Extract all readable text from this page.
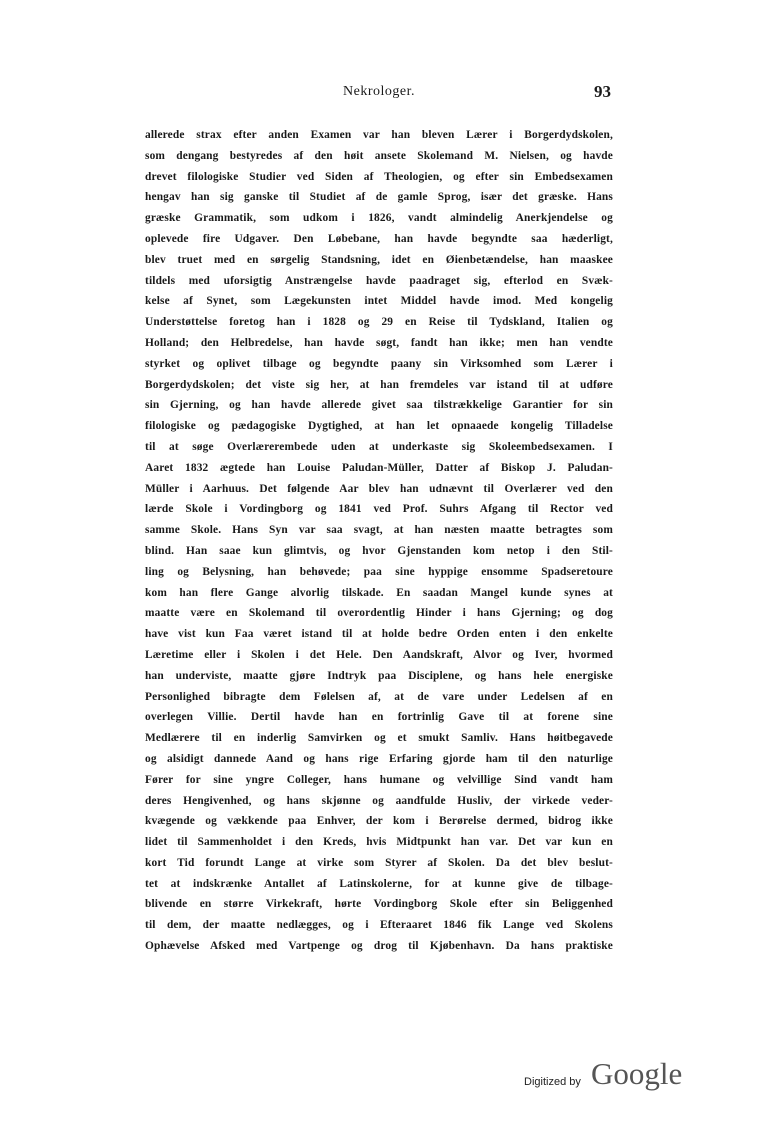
Nekrologer.	93
allerede strax efter anden Examen var han bleven Lærer i Borgerdydskolen,
som dengang bestyredes af den høit ansete Skolemand M. Nielsen, og havde
drevet filologiske Studier ved Siden af Theologien, og efter sin Embedsexamen
hengav han sig ganske til Studiet af de gamle Sprog, især det græske. Hans
græske Grammatik, som udkom i 1826, vandt almindelig Anerkjendelse og
oplevede fire Udgaver. Den Løbebane, han havde begyndte saa hæderligt,
blev truet med en sørgelig Standsning, idet en Øienbetændelse, han maaskee
tildels med uforsigtig Anstrængelse havde paadraget sig, efterlod en Svæk-
kelse af Synet, som Lægekunsten intet Middel havde imod. Med kongelig
Understøttelse foretog han i 1828 og 29 en Reise til Tydskland, Italien og
Holland; den Helbredelse, han havde søgt, fandt han ikke; men han vendte
styrket og oplivet tilbage og begyndte paany sin Virksomhed som Lærer i
Borgerdydskolen; det viste sig her, at han fremdeles var istand til at udføre
sin Gjerning, og han havde allerede givet saa tilstrækkelige Garantier for sin
filologiske og pædagogiske Dygtighed, at han let opnaaede kongelig Tilladelse
til at søge Overlærerembede uden at underkaste sig Skoleembedsexamen. I
Aaret 1832 ægtede han Louise Paludan-Müller, Datter af Biskop J. Paludan-
Müller i Aarhuus. Det følgende Aar blev han udnævnt til Overlærer ved den
lærde Skole i Vordingborg og 1841 ved Prof. Suhrs Afgang til Rector ved
samme Skole. Hans Syn var saa svagt, at han næsten maatte betragtes som
blind. Han saae kun glimtvis, og hvor Gjenstanden kom netop i den Stil-
ling og Belysning, han behøvede; paa sine hyppige ensomme Spadseretoure
kom han flere Gange alvorlig tilskade. En saadan Mangel kunde synes at
maatte være en Skolemand til overordentlig Hinder i hans Gjerning; og dog
have vist kun Faa været istand til at holde bedre Orden enten i den enkelte
Læretime eller i Skolen i det Hele. Den Aandskraft, Alvor og Iver, hvormed
han underviste, maatte gjøre Indtryk paa Disciplene, og hans hele energiske
Personlighed bibragte dem Følelsen af, at de vare under Ledelsen af en
overlegen Villie. Dertil havde han en fortrinlig Gave til at forene sine
Medlærere til en inderlig Samvirken og et smukt Samliv. Hans høitbegavede
og alsidigt dannede Aand og hans rige Erfaring gjorde ham til den naturlige
Fører for sine yngre Colleger, hans humane og velvillige Sind vandt ham
deres Hengivenhed, og hans skjønne og aandfulde Husliv, der virkede veder-
kvægende og vækkende paa Enhver, der kom i Berørelse dermed, bidrog ikke
lidet til Sammenholdet i den Kreds, hvis Midtpunkt han var. Det var kun en
kort Tid forundt Lange at virke som Styrer af Skolen. Da det blev beslut-
tet at indskrænke Antallet af Latinskolerne, for at kunne give de tilbage-
blivende en større Virkekraft, hørte Vordingborg Skole efter sin Beliggenhed
til dem, der maatte nedlægges, og i Efteraaret 1846 fik Lange ved Skolens
Ophævelse Afsked med Vartpenge og drog til Kjøbenhavn. Da hans praktiske
Digitized by Google
